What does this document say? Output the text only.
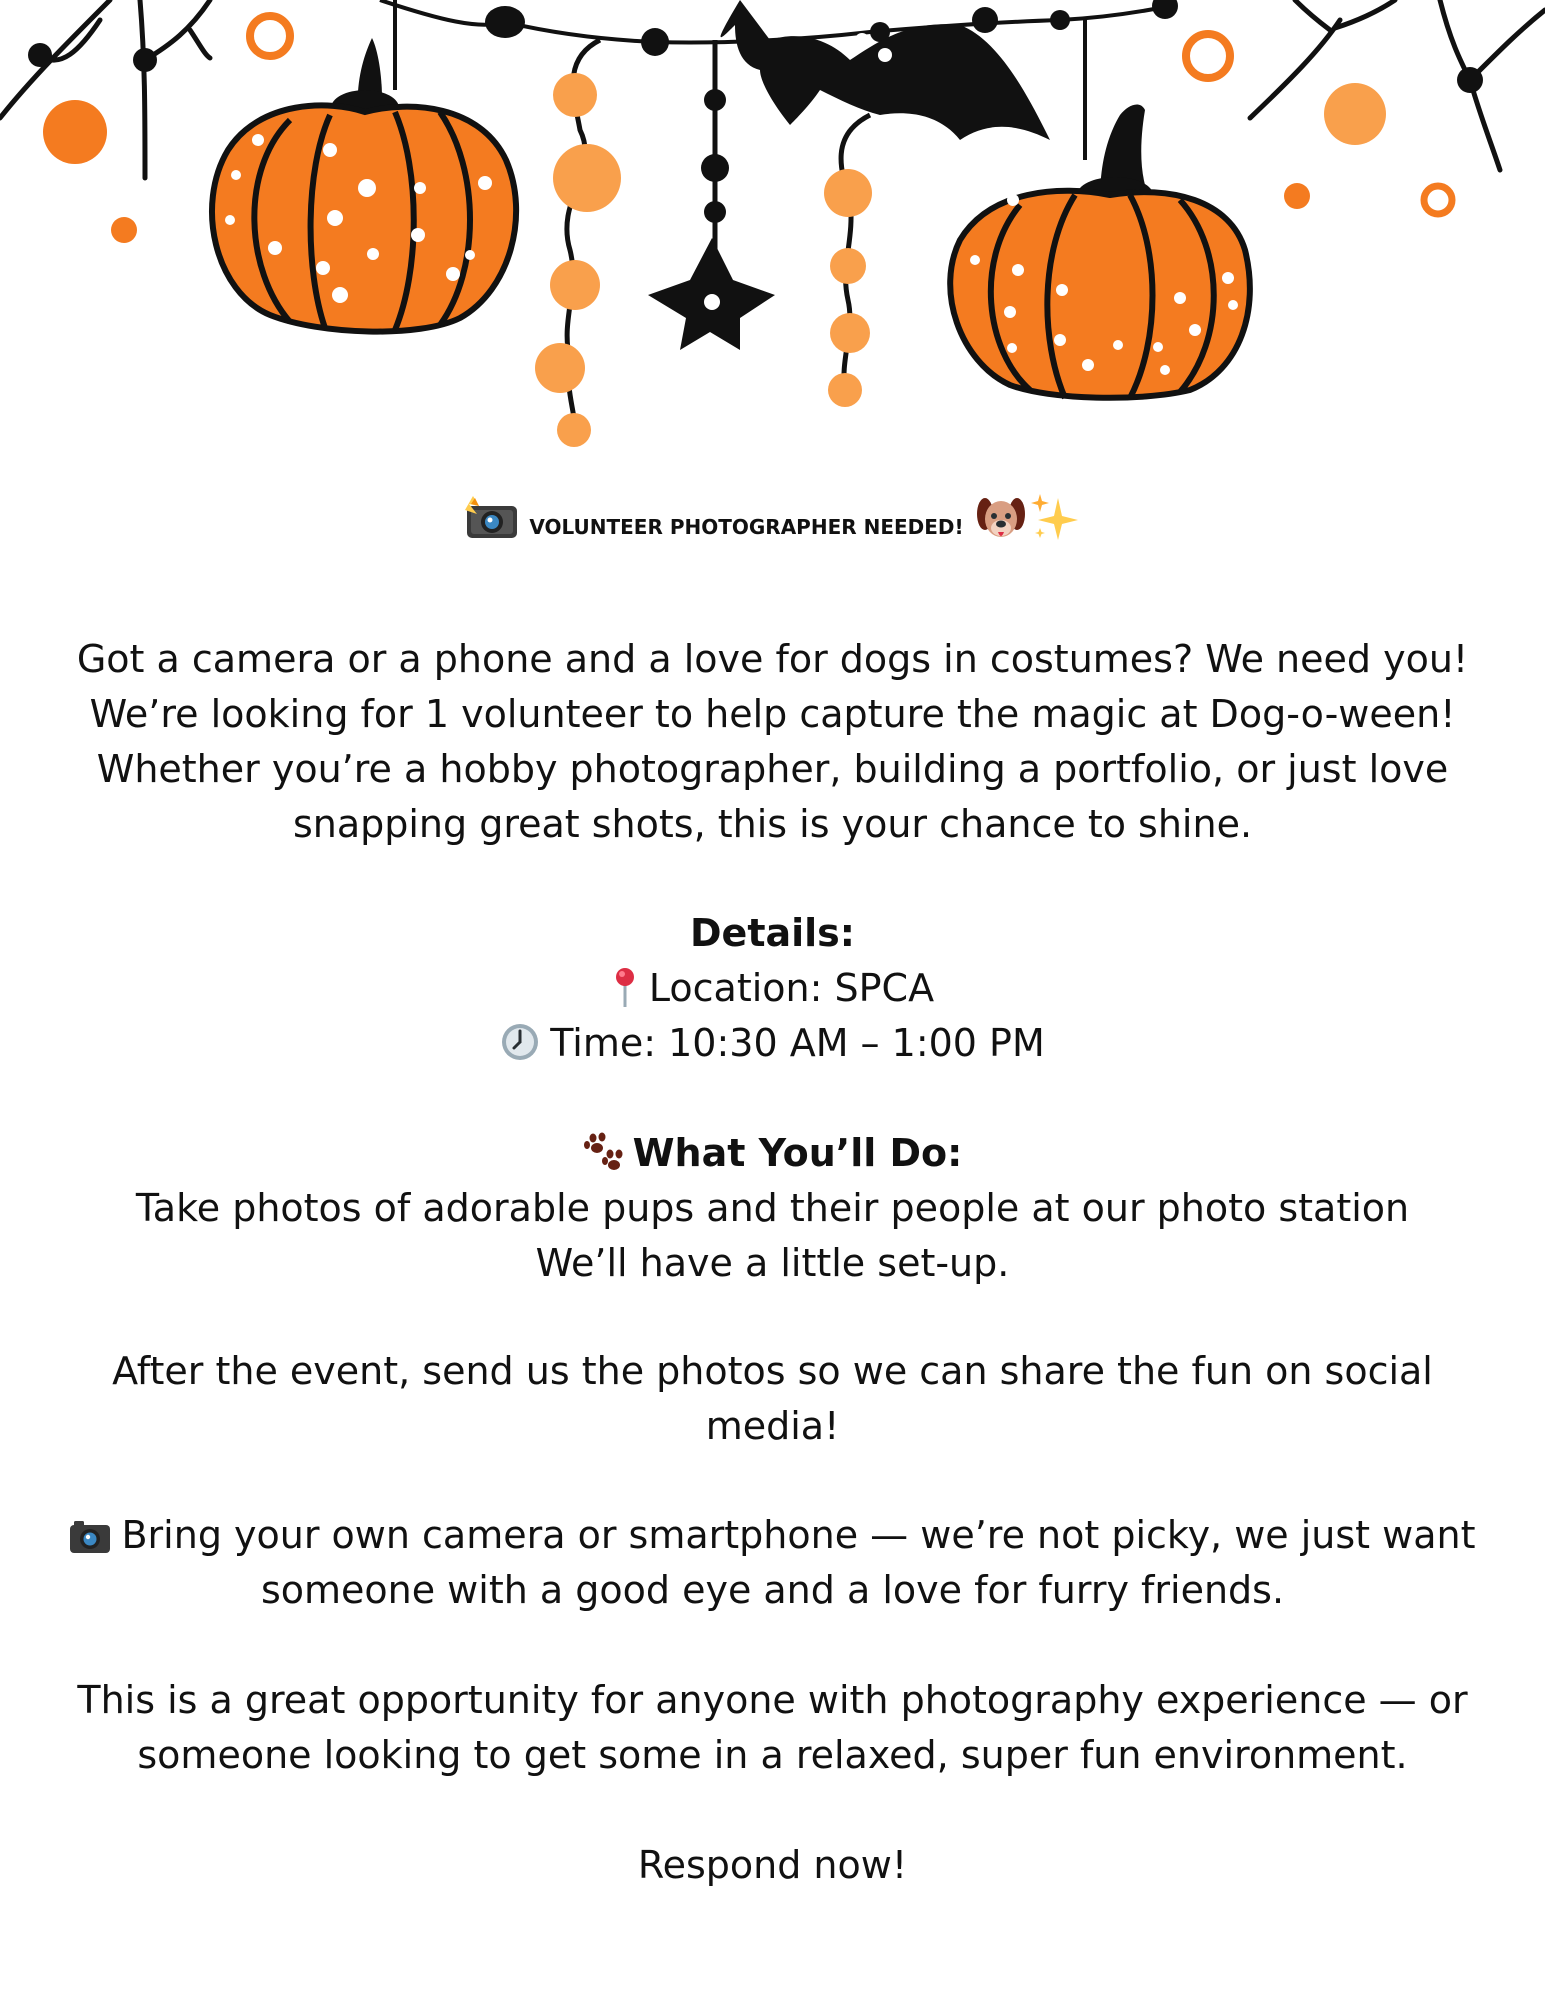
VOLUNTEER PHOTOGRAPHER NEEDED!

Got a camera or a phone and a love for dogs in costumes? We need you!
We’re looking for 1 volunteer to help capture the magic at Dog-o-ween!
Whether you’re a hobby photographer, building a portfolio, or just love
snapping great shots, this is your chance to shine.

Details:
Location: SPCA
Time: 10:30 AM – 1:00 PM
What You’ll Do:
Take photos of adorable pups and their people at our photo station
We’ll have a little set-up.

After the event, send us the photos so we can share the fun on social
media!

Bring your own camera or smartphone — we’re not picky, we just want
someone with a good eye and a love for furry friends.

This is a great opportunity for anyone with photography experience — or
someone looking to get some in a relaxed, super fun environment.

Respond now!
